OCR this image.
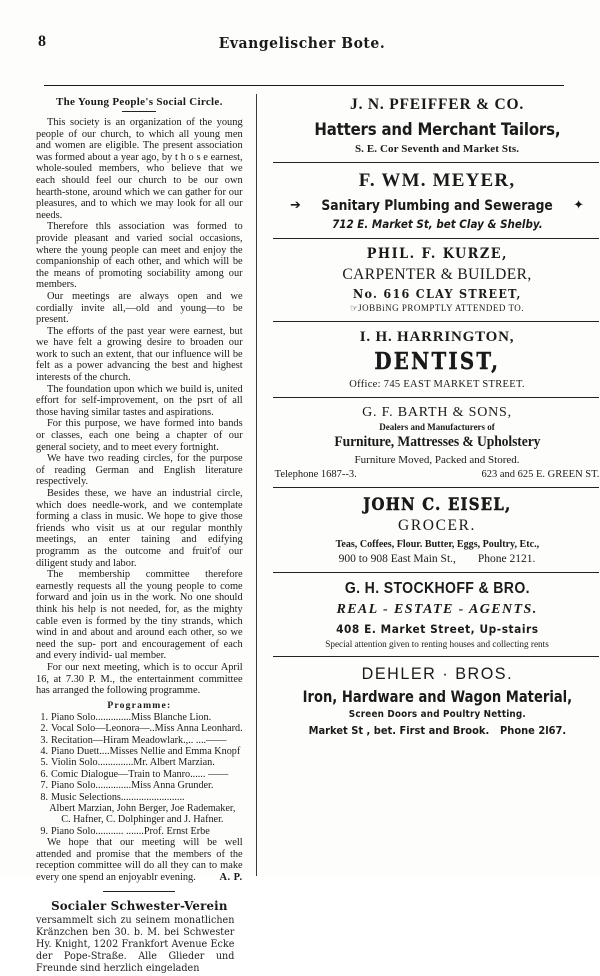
8	Evangelischer Bote.
The Young People's Social Circle.

This society is an organization of the young people of our church, to which all young men and women are eligible. The present association was formed about a year ago, by t h o s e earnest, whole-souled members, who believe that we each should feel our church to be our own hearth-stone, around which we can gather for our pleasures, and to which we may look for all our needs.

Therefore thls association was formed to provide pleasant and varied social occasions, where the young people can meet and enjoy the companionship of each other, and which will be the means of promoting sociability among our members.

Our meetings are always open and we cordially invite all,—old and young—to be present.

The efforts of the past year were earnest, but we have felt a growing desire to broaden our work to such an extent, that our influence will be felt as a power advancing the best and highest interests of the church.

The foundation upon which we build is, united effort for self-improvement, on the psrt of all those having similar tastes and aspirations.

For this purpose, we have formed into bands or classes, each one being a chapter of our general society, and to meet every fortnight.

We have two reading circles, for the purpose of reading German and English literature respectively.

Besides these, we have an industrial circle, which does needle-work, and we contemplate forming a class in music. We hope to give those friends who visit us at our regular monthly meetings, an enter taining and edifying programm as the outcome and fruit'of our diligent study and labor.

The membership committee therefore earnestly requests all the young people to come forward and join us in the work. No one should think his help is not needed, for, as the mighty cable even is formed by the tiny strands, which wind in and about and around each other, so we need the sup- port and encouragement of each and every individ- ual member.

For our next meeting, which is to occur April 16, at 7.30 P. M., the entertainment committee has arranged the following programme.

Programme:
1. Piano Solo..............Miss Blanche Lion.
2. Vocal Solo—Leonora—..Miss Anna Leonhard.
3. Recitation—Hiram Meadowlark.,.. ....——
4. Piano Duett....Misses Nellie and Emma Knopf
5. Violin Solo..............Mr. Albert Marzian.
6. Comic Dialogue—Train to Manro...... ——
7. Piano Solo..............Miss Anna Grunder.
8. Music Selections.........................
Albert Marzian, John Berger, Joe Rademaker,
C. Hafner, C. Dolphinger and J. Hafner.
9. Piano Solo........... .......Prof. Ernst Erbe

We hope that our meeting will be well attended and promise that the members of the reception committee will do all they can to make every one spend an enjoyablr evening.	A. P.

Socialer Schwester-Verein

versammelt sich zu seinem monatlichen Kränzchen ben 30. b. M. bei Schwester Hy. Knight, 1202 Frankfort Avenue Ecke der Pope-Straße. Alle Glieder und Freunde sind herzlich eingeladen

J. N. PFEIFFER & CO.
Hatters and Merchant Tailors,
S. E. Cor Seventh and Market Sts.
F. WM. MEYER,
➔ Sanitary Plumbing and Sewerage ✦
712 E. Market St, bet Clay & Shelby.
PHIL. F. KURZE,
CARPENTER & BUILDER,
No. 616 CLAY STREET,
☞JOBBiNG PROMPTLY ATTENDED TO.
I. H. HARRINGTON,
DENTIST,
Office: 745 EAST MARKET STREET.
G. F. BARTH & SONS,
Dealers and Manufacturers of
Furniture, Mattresses & Upholstery
Furniture Moved, Packed and Stored.
Telephone 1687--3.	623 and 625 E. GREEN ST.
JOHN C. EISEL,
GROCER.
Teas, Coffees, Flour. Butter, Eggs, Poultry, Etc.,
900 to 908 East Main St., Phone 2121.
G. H. STOCKHOFF & BRO.
REAL - ESTATE - AGENTS.
408 E. Market Street, Up-stairs
Special attention given to renting houses and collecting rents
DEHLER · BROS.
Iron, Hardware and Wagon Material,
Screen Doors and Poultry Netting.
Market St , bet. First and Brook. Phone 2l67.
